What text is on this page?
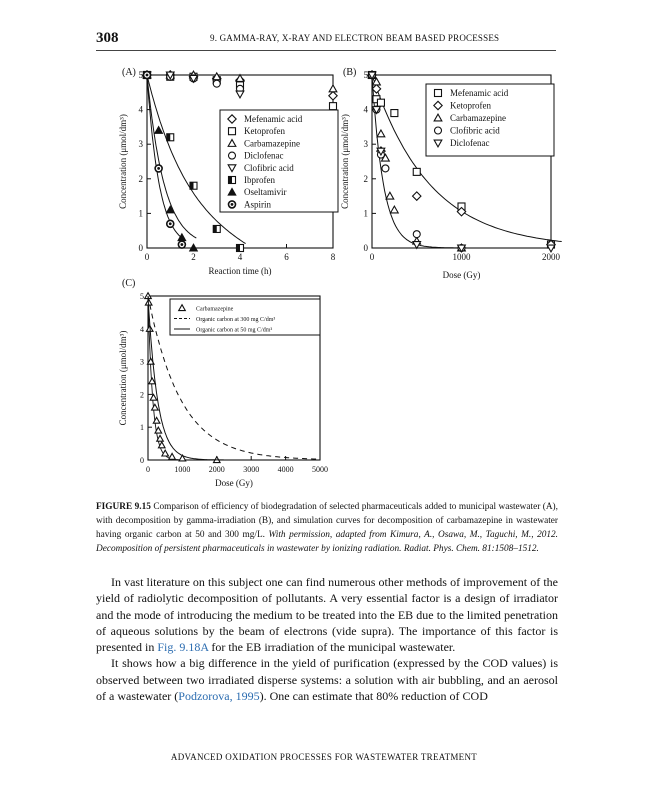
308	9. GAMMA-RAY, X-RAY AND ELECTRON BEAM BASED PROCESSES
(A)
0	2	4	6	8
0
1
2
3
4
5
Reaction time (h)
Concentration (μmol/dm³)	Mefenamic acid
Ketoprofen
Carbamazepine
Diclofenac
Clofibric acid
Ibprofen
Oseltamivir
Aspirin
(B)
0	1000	2000
0
1
2
3
4
5
Dose (Gy)
Concentration (μmol/dm³)
Mefenamic acid
Ketoprofen
Carbamazepine
Clofibric acid
Diclofenac
(C)
0	1000 2000 3000 4000 5000
0
1
2
3
4
5
Dose (Gy)
Concentration (μmol/dm³)
Carbamazepine
Organic carbon at 300 mg C/dm³
Organic carbon at 50 mg C/dm³
FIGURE 9.15 Comparison of efficiency of biodegradation of selected pharmaceuticals added to municipal wastewater (A), with decomposition by gamma-irradiation (B), and simulation curves for decomposition of carbamazepine in wastewater having organic carbon at 50 and 300 mg/L. With permission, adapted from Kimura, A., Osawa, M., Taguchi, M., 2012. Decomposition of persistent pharmaceuticals in wastewater by ionizing radiation. Radiat. Phys. Chem. 81:1508–1512.

In vast literature on this subject one can find numerous other methods of improvement of the yield of radiolytic decomposition of pollutants. A very essential factor is a design of irradiator and the mode of introducing the medium to be treated into the EB due to the limited penetration of aqueous solutions by the beam of electrons (vide supra). The importance of this factor is presented in Fig. 9.18A for the EB irradiation of the municipal wastewater.

It shows how a big difference in the yield of purification (expressed by the COD values) is observed between two irradiated disperse systems: a solution with air bubbling, and an aerosol of a wastewater (Podzorova, 1995). One can estimate that 80% reduction of COD

ADVANCED OXIDATION PROCESSES FOR WASTEWATER TREATMENT
